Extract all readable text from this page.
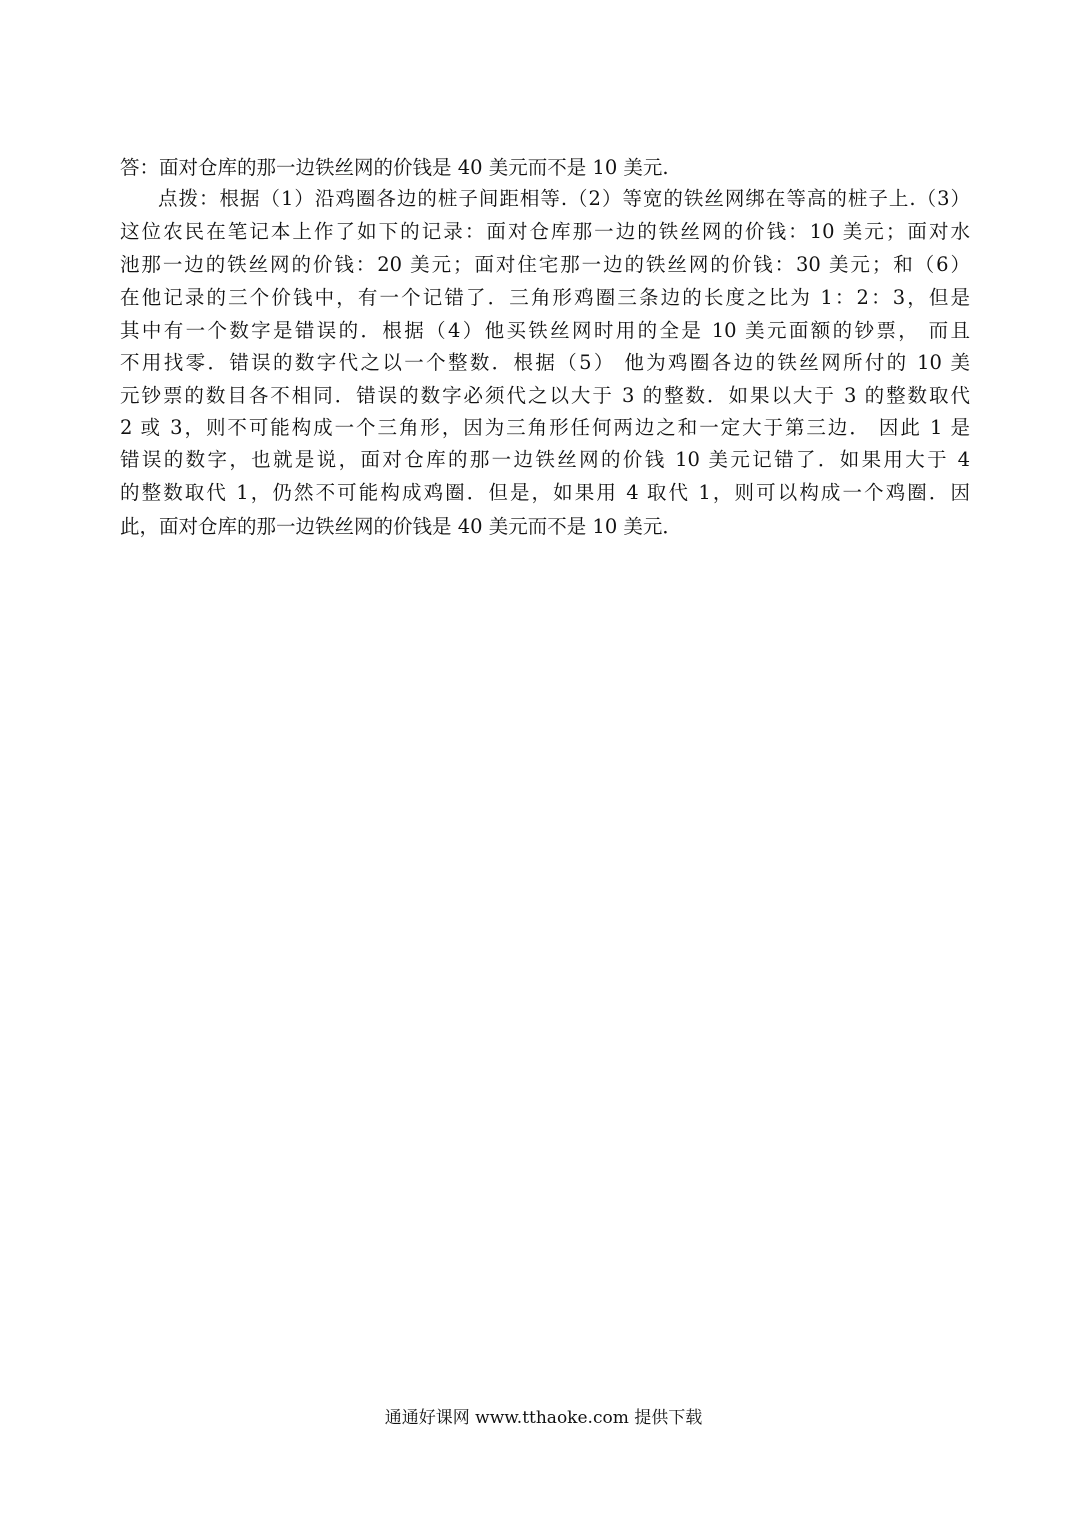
答：面对仓库的那一边铁丝网的价钱是 40 美元而不是 10 美元.
点拨：根据（1）沿鸡圈各边的桩子间距相等.（2）等宽的铁丝网绑在等高的桩子上.（3）
这位农民在笔记本上作了如下的记录：面对仓库那一边的铁丝网的价钱：10 美元；面对水
池那一边的铁丝网的价钱：20 美元；面对住宅那一边的铁丝网的价钱：30 美元；和（6）
在他记录的三个价钱中，有一个记错了．三角形鸡圈三条边的长度之比为 1：2：3，但是
其中有一个数字是错误的．根据（4）他买铁丝网时用的全是 10 美元面额的钞票， 而且
不用找零．错误的数字代之以一个整数．根据（5） 他为鸡圈各边的铁丝网所付的 10 美
元钞票的数目各不相同．错误的数字必须代之以大于 3 的整数．如果以大于 3 的整数取代
2 或 3，则不可能构成一个三角形，因为三角形任何两边之和一定大于第三边． 因此 1 是
错误的数字，也就是说，面对仓库的那一边铁丝网的价钱 10 美元记错了．如果用大于 4
的整数取代 1，仍然不可能构成鸡圈．但是，如果用 4 取代 1，则可以构成一个鸡圈．因
此，面对仓库的那一边铁丝网的价钱是 40 美元而不是 10 美元．
通通好课网 www.tthaoke.com 提供下载
